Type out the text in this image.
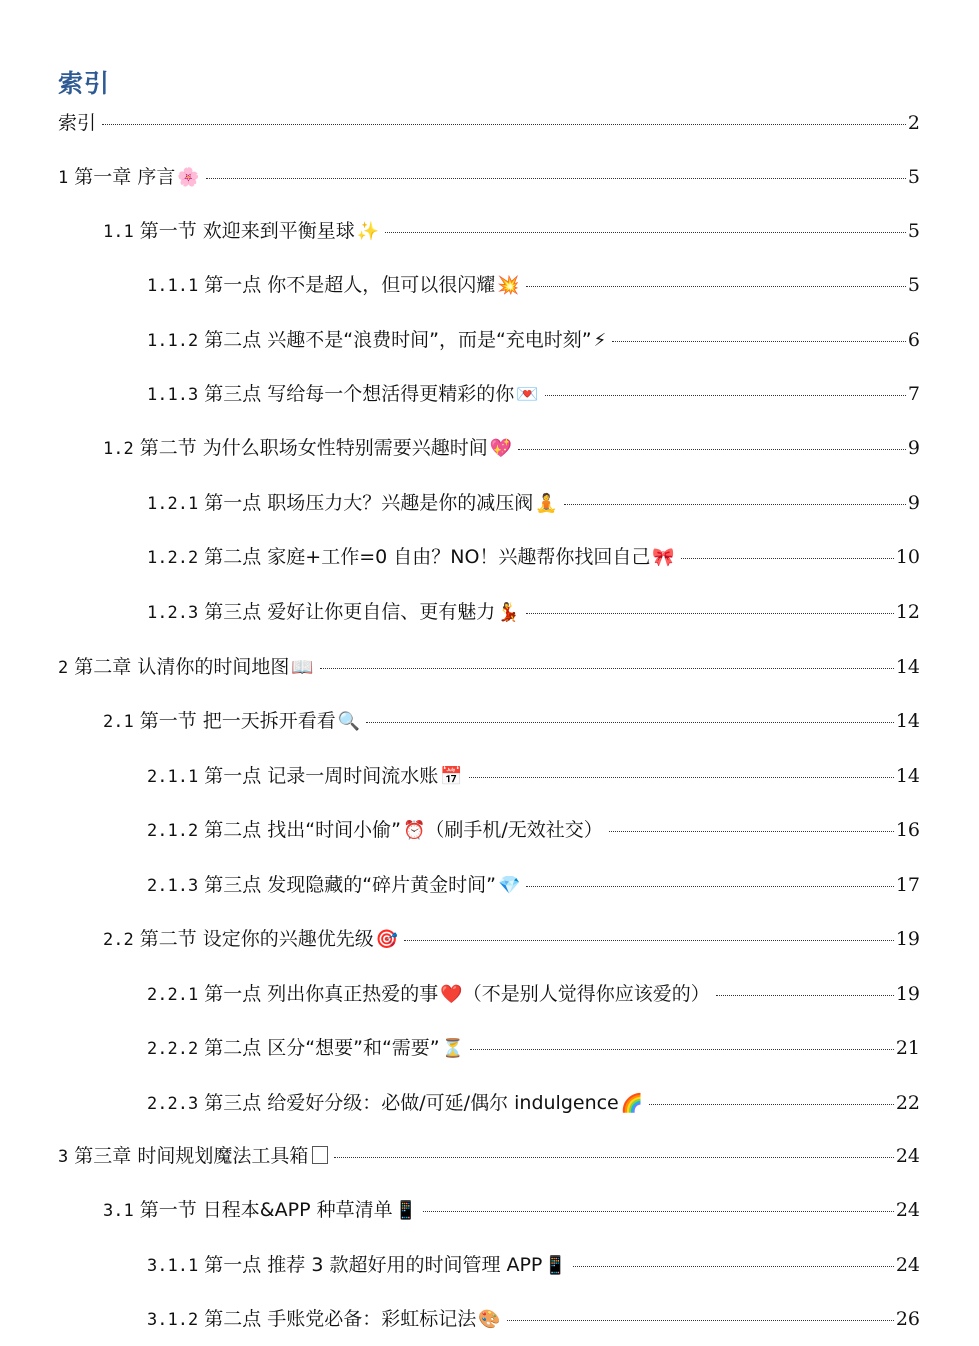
索引
索引	2
1 第一章 序言 🌸	5
1.1 第一节 欢迎来到平衡星球 ✨	5
1.1.1 第一点 你不是超人，但可以很闪耀 💥	5
1.1.2 第二点 兴趣不是“浪费时间”，而是“充电时刻” ⚡	6
1.1.3 第三点 写给每一个想活得更精彩的你 💌	7
1.2 第二节 为什么职场女性特别需要兴趣时间 💖	9
1.2.1 第一点 职场压力大？兴趣是你的减压阀 🧘	9
1.2.2 第二点 家庭+工作=0 自由？NO！兴趣帮你找回自己 🎀	10
1.2.3 第三点 爱好让你更自信、更有魅力 💃	12
2 第二章 认清你的时间地图 📖	14
2.1 第一节 把一天拆开看看 🔍	14
2.1.1 第一点 记录一周时间流水账 📅	14
2.1.2 第二点 找出“时间小偷” ⏰（刷手机/无效社交）	16
2.1.3 第三点 发现隐藏的“碎片黄金时间” 💎	17
2.2 第二节 设定你的兴趣优先级 🎯	19
2.2.1 第一点 列出你真正热爱的事 ❤️（不是别人觉得你应该爱的）	19
2.2.2 第二点 区分“想要”和“需要” ⏳	21
2.2.3 第三点 给爱好分级：必做/可延/偶尔 indulgence 🌈	22
3 第三章 时间规划魔法工具箱	24
3.1 第一节 日程本&APP 种草清单 📱	24
3.1.1 第一点 推荐 3 款超好用的时间管理 APP 📱	24
3.1.2 第二点 手账党必备：彩虹标记法 🎨	26
